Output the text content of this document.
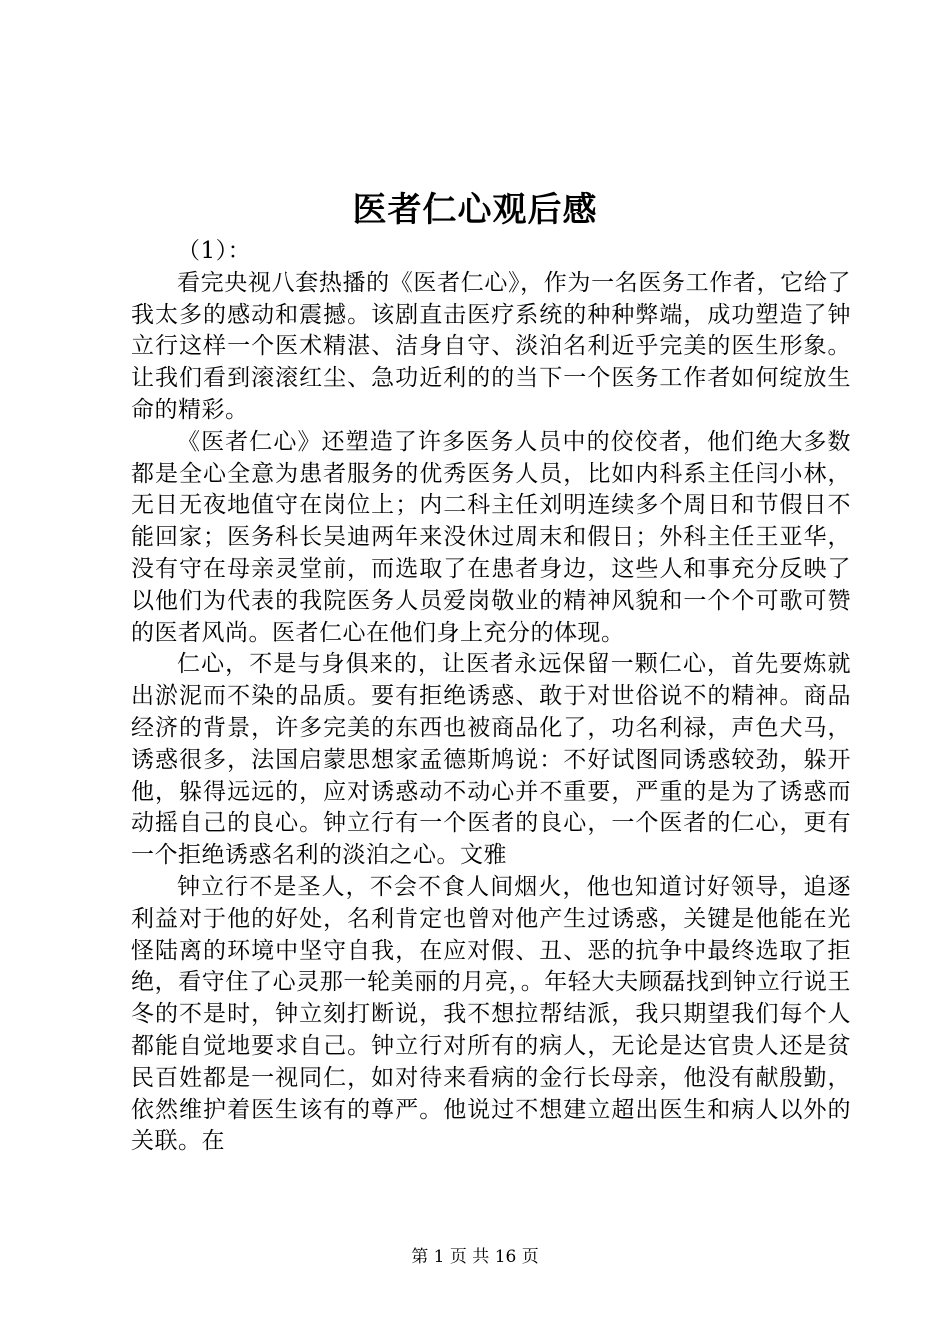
医者仁心观后感

（1）：

看完央视八套热播的《医者仁心》，作为一名医务工作者，它给了我太多的感动和震撼。该剧直击医疗系统的种种弊端，成功塑造了钟立行这样一个医术精湛、洁身自守、淡泊名利近乎完美的医生形象。让我们看到滚滚红尘、急功近利的的当下一个医务工作者如何绽放生命的精彩。

《医者仁心》还塑造了许多医务人员中的佼佼者，他们绝大多数都是全心全意为患者服务的优秀医务人员，比如内科系主任闫小林，无日无夜地值守在岗位上；内二科主任刘明连续多个周日和节假日不能回家；医务科长吴迪两年来没休过周末和假日；外科主任王亚华，没有守在母亲灵堂前，而选取了在患者身边，这些人和事充分反映了以他们为代表的我院医务人员爱岗敬业的精神风貌和一个个可歌可赞的医者风尚。医者仁心在他们身上充分的体现。

仁心，不是与身俱来的，让医者永远保留一颗仁心，首先要炼就出淤泥而不染的品质。要有拒绝诱惑、敢于对世俗说不的精神。商品经济的背景，许多完美的东西也被商品化了，功名利禄，声色犬马，诱惑很多，法国启蒙思想家孟德斯鸠说：不好试图同诱惑较劲，躲开他，躲得远远的，应对诱惑动不动心并不重要，严重的是为了诱惑而动摇自己的良心。钟立行有一个医者的良心，一个医者的仁心，更有一个拒绝诱惑名利的淡泊之心。文雅

钟立行不是圣人，不会不食人间烟火，他也知道讨好领导，追逐利益对于他的好处，名利肯定也曾对他产生过诱惑，关键是他能在光怪陆离的环境中坚守自我，在应对假、丑、恶的抗争中最终选取了拒绝，看守住了心灵那一轮美丽的月亮，。年轻大夫顾磊找到钟立行说王冬的不是时，钟立刻打断说，我不想拉帮结派，我只期望我们每个人都能自觉地要求自己。钟立行对所有的病人，无论是达官贵人还是贫民百姓都是一视同仁，如对待来看病的金行长母亲，他没有献殷勤，依然维护着医生该有的尊严。他说过不想建立超出医生和病人以外的关联。在

第 1 页 共 16 页
